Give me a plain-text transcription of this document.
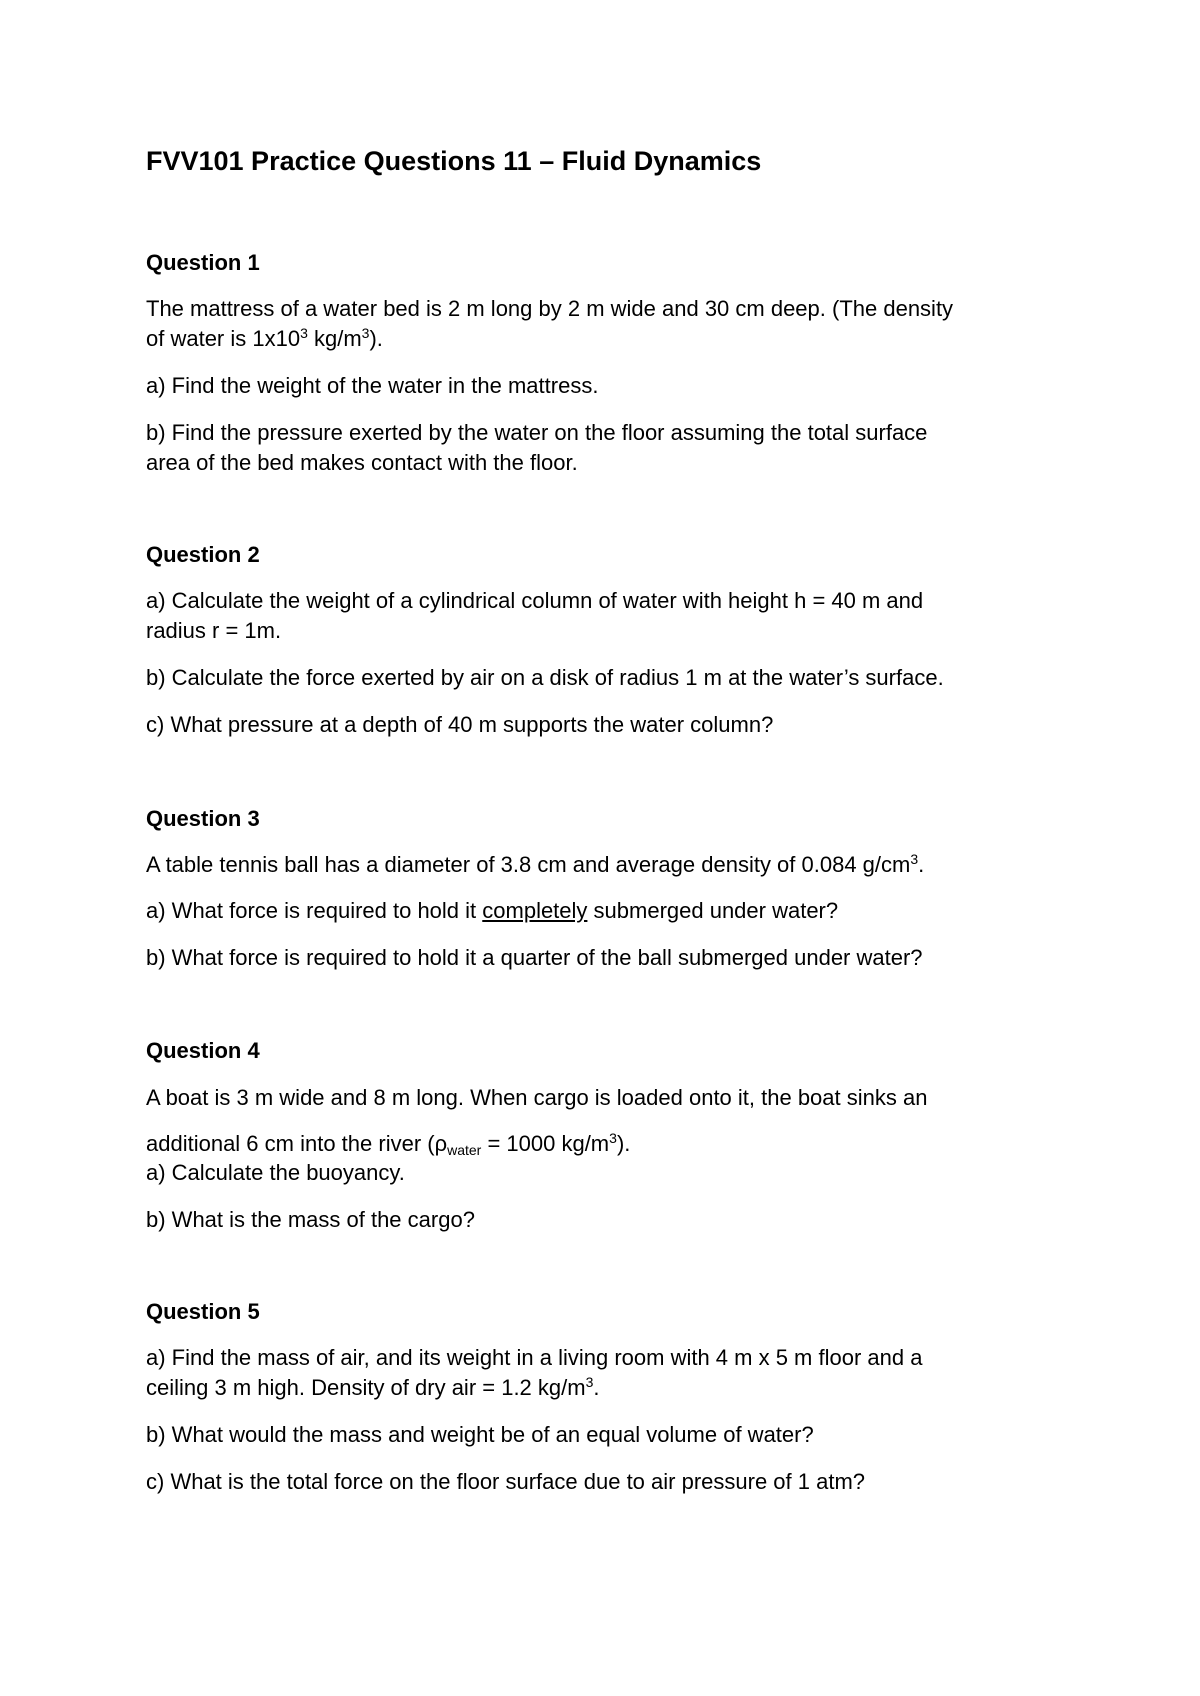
FVV101 Practice Questions 11 – Fluid Dynamics
Question 1
The mattress of a water bed is 2 m long by 2 m wide and 30 cm deep. (The density
of water is $1x10^3$ $kg/m^3$).
a) Find the weight of the water in the mattress.
b) Find the pressure exerted by the water on the floor assuming the total surface
area of the bed makes contact with the floor.
Question 2
a) Calculate the weight of a cylindrical column of water with height h = 40 m and
radius r = 1m.
b) Calculate the force exerted by air on a disk of radius 1 m at the water’s surface.
c) What pressure at a depth of 40 m supports the water column?
Question 3
A table tennis ball has a diameter of 3.8 cm and average density of 0.084 $g/cm^3$.
a) What force is required to hold it completely submerged under water?
b) What force is required to hold it a quarter of the ball submerged under water?
Question 4
A boat is 3 m wide and 8 m long. When cargo is loaded onto it, the boat sinks an
additional 6 cm into the river ($\rho_{water} = 1000$ $kg/m^3$).
a) Calculate the buoyancy.
b) What is the mass of the cargo?
Question 5
a) Find the mass of air, and its weight in a living room with 4 m x 5 m floor and a
ceiling 3 m high. Density of dry air = 1.2 $kg/m^3$.
b) What would the mass and weight be of an equal volume of water?
c) What is the total force on the floor surface due to air pressure of 1 atm?
